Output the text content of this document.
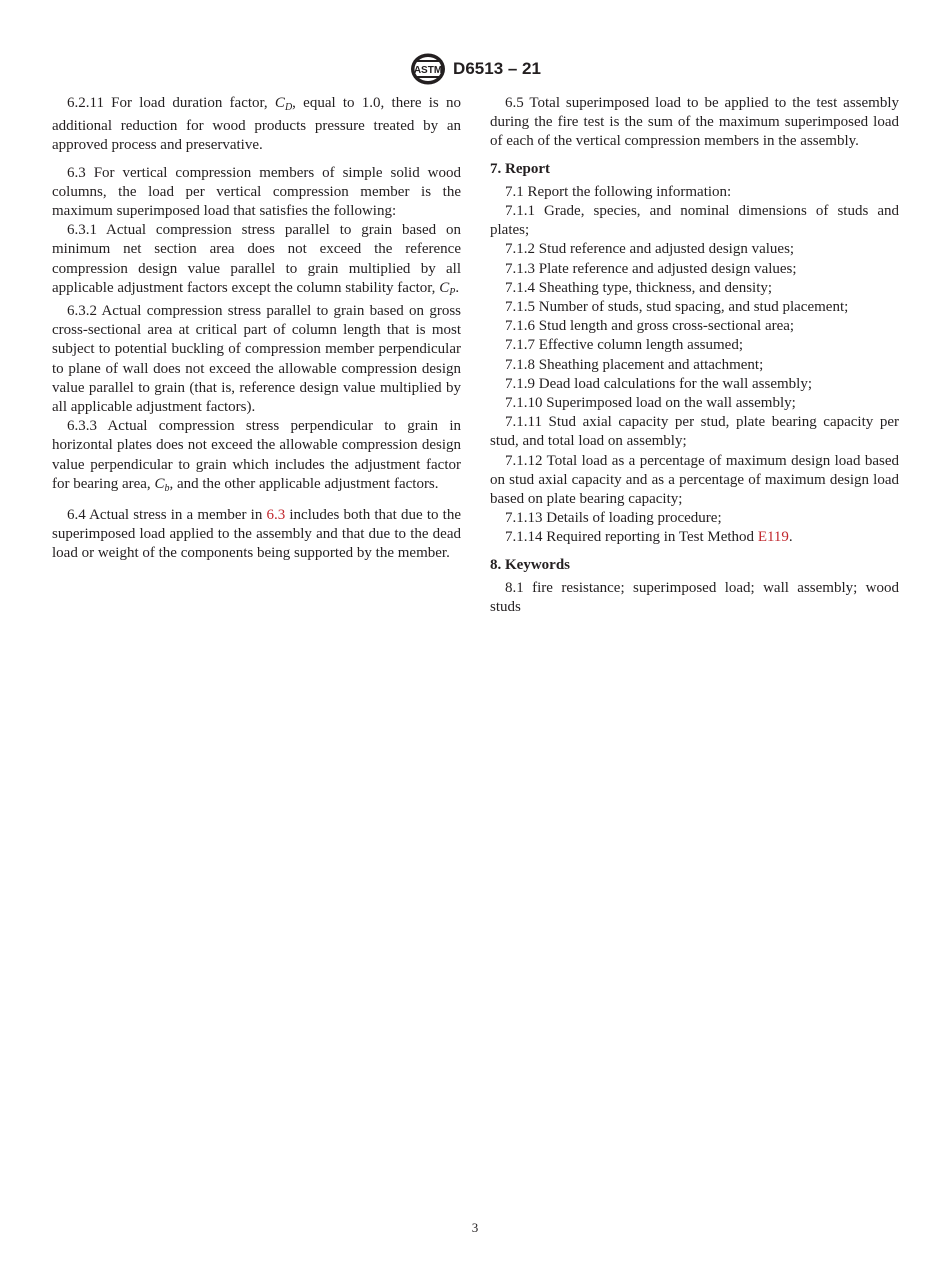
ASTM D6513 – 21

6.2.11 For load duration factor, $C_D$, equal to 1.0, there is no additional reduction for wood products pressure treated by an approved process and preservative.

6.3 For vertical compression members of simple solid wood columns, the load per vertical compression member is the maximum superimposed load that satisfies the following:

6.3.1 Actual compression stress parallel to grain based on minimum net section area does not exceed the reference compression design value parallel to grain multiplied by all applicable adjustment factors except the column stability factor, $C_P$.

6.3.2 Actual compression stress parallel to grain based on gross cross-sectional area at critical part of column length that is most subject to potential buckling of compression member perpendicular to plane of wall does not exceed the allowable compression design value parallel to grain (that is, reference design value multiplied by all applicable adjustment factors).

6.3.3 Actual compression stress perpendicular to grain in horizontal plates does not exceed the allowable compression design value perpendicular to grain which includes the adjustment factor for bearing area, $C_b$, and the other applicable adjustment factors.

6.4 Actual stress in a member in 6.3 includes both that due to the superimposed load applied to the assembly and that due to the dead load or weight of the components being supported by the member.

6.5 Total superimposed load to be applied to the test assembly during the fire test is the sum of the maximum superimposed load of each of the vertical compression members in the assembly.

7. Report

7.1 Report the following information:

7.1.1 Grade, species, and nominal dimensions of studs and plates;

7.1.2 Stud reference and adjusted design values;

7.1.3 Plate reference and adjusted design values;

7.1.4 Sheathing type, thickness, and density;

7.1.5 Number of studs, stud spacing, and stud placement;

7.1.6 Stud length and gross cross-sectional area;

7.1.7 Effective column length assumed;

7.1.8 Sheathing placement and attachment;

7.1.9 Dead load calculations for the wall assembly;

7.1.10 Superimposed load on the wall assembly;

7.1.11 Stud axial capacity per stud, plate bearing capacity per stud, and total load on assembly;

7.1.12 Total load as a percentage of maximum design load based on stud axial capacity and as a percentage of maximum design load based on plate bearing capacity;

7.1.13 Details of loading procedure;

7.1.14 Required reporting in Test Method E119.

8. Keywords

8.1 fire resistance; superimposed load; wall assembly; wood studs

3
